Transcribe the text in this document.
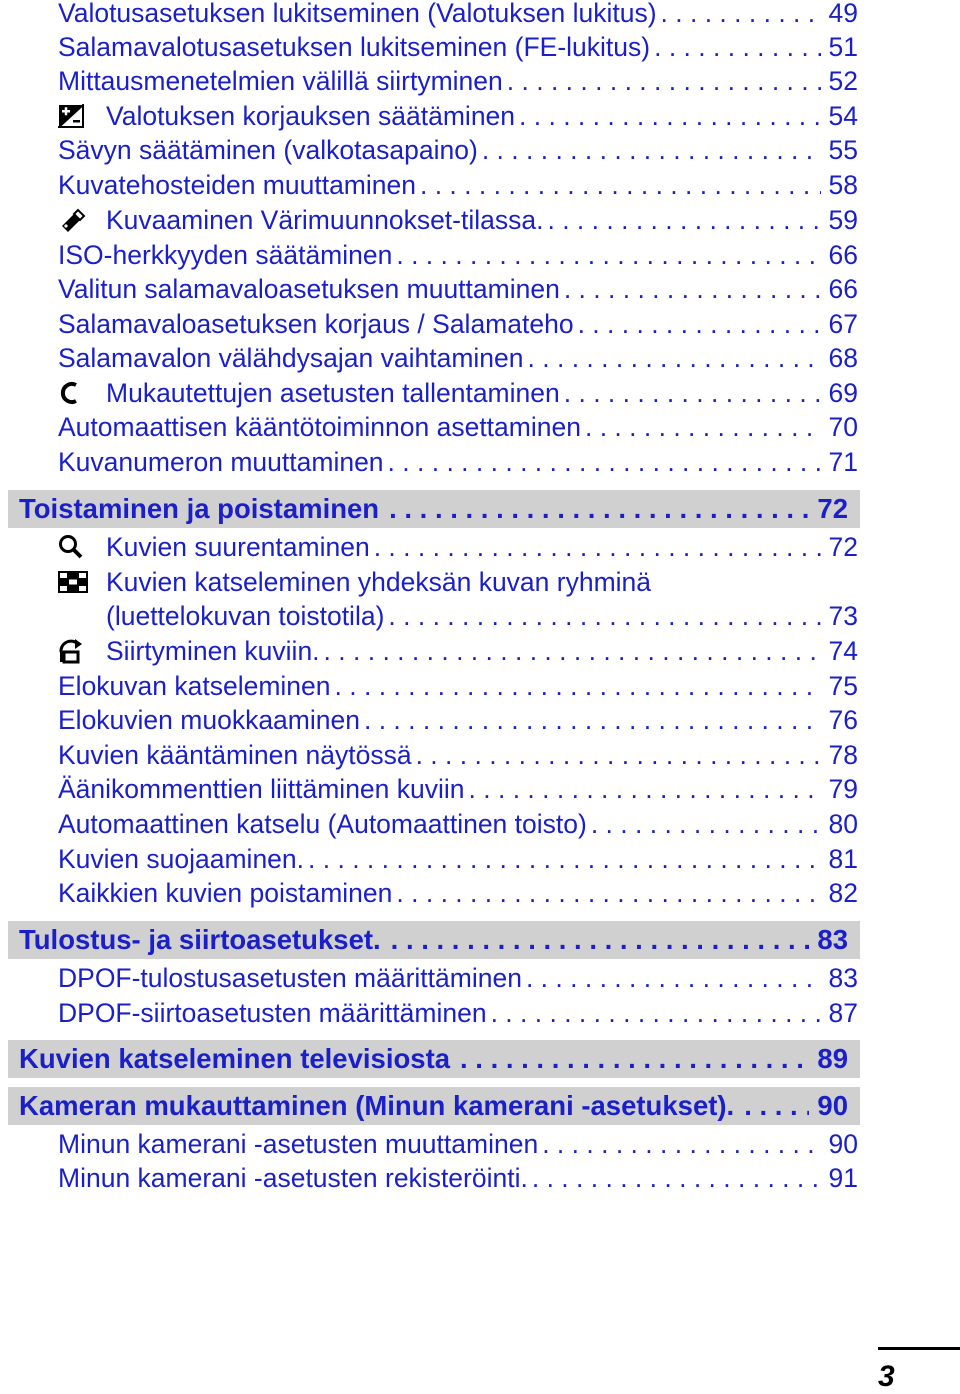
Valotusasetuksen lukitseminen (Valotuksen lukitus) . . .	49
Salamavalotusasetuksen lukitseminen (FE-lukitus) . . .	51
Mittausmenetelmien välillä siirtyminen . . .	52
Valotuksen korjauksen säätäminen . . .	54
Sävyn säätäminen (valkotasapaino) . . .	55
Kuvatehosteiden muuttaminen . . .	58
Kuvaaminen Värimuunnokset-tilassa. . . .	59
ISO-herkkyyden säätäminen . . .	66
Valitun salamavaloasetuksen muuttaminen . . .	66
Salamavaloasetuksen korjaus / Salamateho . . .	67
Salamavalon välähdysajan vaihtaminen . . .	68
Mukautettujen asetusten tallentaminen . . .	69
Automaattisen kääntötoiminnon asettaminen . . .	70
Kuvanumeron muuttaminen . . .	71
Toistaminen ja poistaminen . . .	72
Kuvien suurentaminen . . .	72
Kuvien katseleminen yhdeksän kuvan ryhminä
(luettelokuvan toistotila) . . .	73
Siirtyminen kuviin. . . .	74
Elokuvan katseleminen . . .	75
Elokuvien muokkaaminen . . .	76
Kuvien kääntäminen näytössä . . .	78
Äänikommenttien liittäminen kuviin . . .	79
Automaattinen katselu (Automaattinen toisto) . . .	80
Kuvien suojaaminen. . . .	81
Kaikkien kuvien poistaminen . . .	82
Tulostus- ja siirtoasetukset. . . .	83
DPOF-tulostusasetusten määrittäminen . . .	83
DPOF-siirtoasetusten määrittäminen . . .	87
Kuvien katseleminen televisiosta . . .	89
Kameran mukauttaminen (Minun kamerani -asetukset). . . .	90
Minun kamerani -asetusten muuttaminen . . .	90
Minun kamerani -asetusten rekisteröinti. . . .	91
3
